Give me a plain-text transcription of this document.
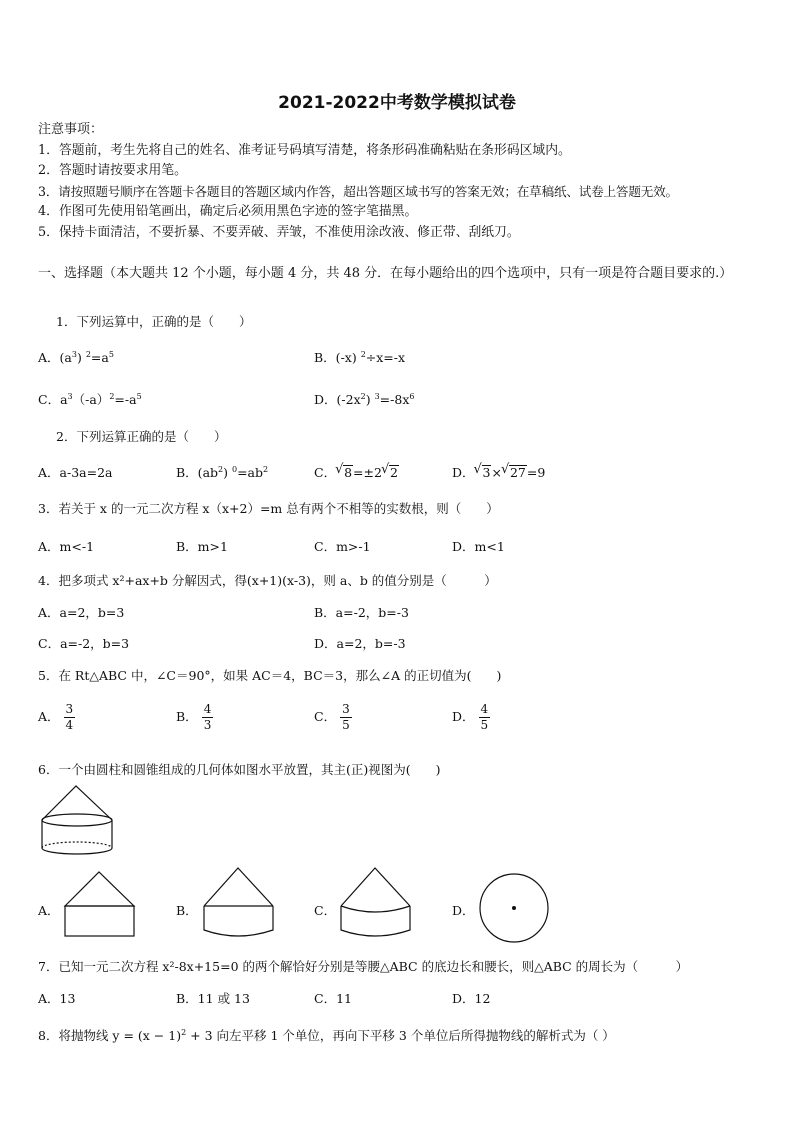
2021-2022中考数学模拟试卷
注意事项：
1．答题前，考生先将自己的姓名、准考证号码填写清楚，将条形码准确粘贴在条形码区域内。
2．答题时请按要求用笔。
3．请按照题号顺序在答题卡各题目的答题区域内作答，超出答题区域书写的答案无效；在草稿纸、试卷上答题无效。
4．作图可先使用铅笔画出，确定后必须用黑色字迹的签字笔描黑。
5．保持卡面清洁，不要折暴、不要弄破、弄皱，不准使用涂改液、修正带、刮纸刀。
一、选择题（本大题共 12 个小题，每小题 4 分，共 48 分．在每小题给出的四个选项中，只有一项是符合题目要求的.）
1．下列运算中，正确的是（　　）
A．$(a^3)$ $^2=a^5$	B．(-x) $^2$÷x=-x
C．$a^3(-a)^2=-a^5$	D．$(-2x^2)$ $^3=-8x^6$
2．下列运算正确的是（　　）
A．a-3a=2a	B．$(ab^2)$ $^0=ab^2$	C． √ 8=±2 √ 2	D． √ 3× √ 27=9
3．若关于 x 的一元二次方程 x（x+2）=m 总有两个不相等的实数根，则（　　）
A．m<-1	B．m>1	C．m>-1	D．m<1
4．把多项式 x²+ax+b 分解因式，得(x+1)(x-3)，则 a、b 的值分别是（　　　）
A．a=2，b=3	B．a=-2，b=-3
C．a=-2，b=3	D．a=2，b=-3
5．在 Rt△ABC 中，∠C＝90°，如果 AC＝4，BC＝3，那么∠A 的正切值为(　　)
A． $\frac{3}{4}$	B． $\frac{4}{3}$	C． $\frac{3}{5}$	D． $\frac{4}{5}$
6．一个由圆柱和圆锥组成的几何体如图水平放置，其主(正)视图为(　　)
A．	B．	C．	D．
7．已知一元二次方程 x²-8x+15=0 的两个解恰好分别是等腰△ABC 的底边长和腰长，则△ABC 的周长为（　　　）
A．13	B．11 或 13	C．11	D．12
8．将抛物线 $y = (x - 1)^2 + 3$ 向左平移 1 个单位，再向下平移 3 个单位后所得抛物线的解析式为（ ）
